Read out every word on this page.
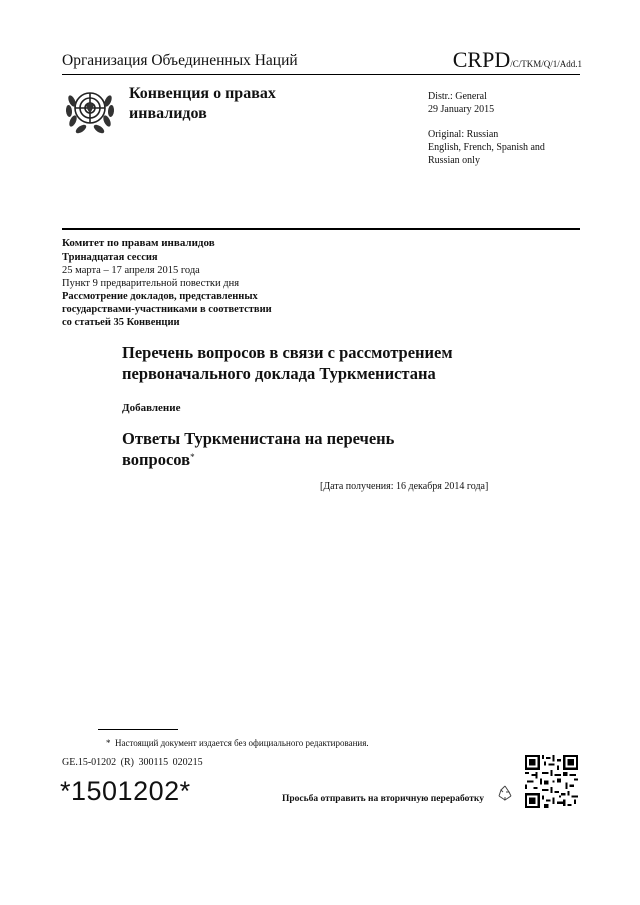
Организация Объединенных Наций	CRPD/C/TKM/Q/1/Add.1
Конвенция о правах
инвалидов
Distr.: General
29 January 2015
Original: Russian
English, French, Spanish and
Russian only
Комитет по правам инвалидов
Тринадцатая сессия
25 марта – 17 апреля 2015 года
Пункт 9 предварительной повестки дня
Рассмотрение докладов, представленных
государствами-участниками в соответствии
со статьей 35 Конвенции
Перечень вопросов в связи с рассмотрением
первоначального доклада Туркменистана
Добавление
Ответы Туркменистана на перечень
вопросов*
[Дата получения: 16 декабря 2014 года]
* Настоящий документ издается без официального редактирования.
GE.15-01202 (R) 300115 020215
*1501202*	Просьба отправить на вторичную переработку
